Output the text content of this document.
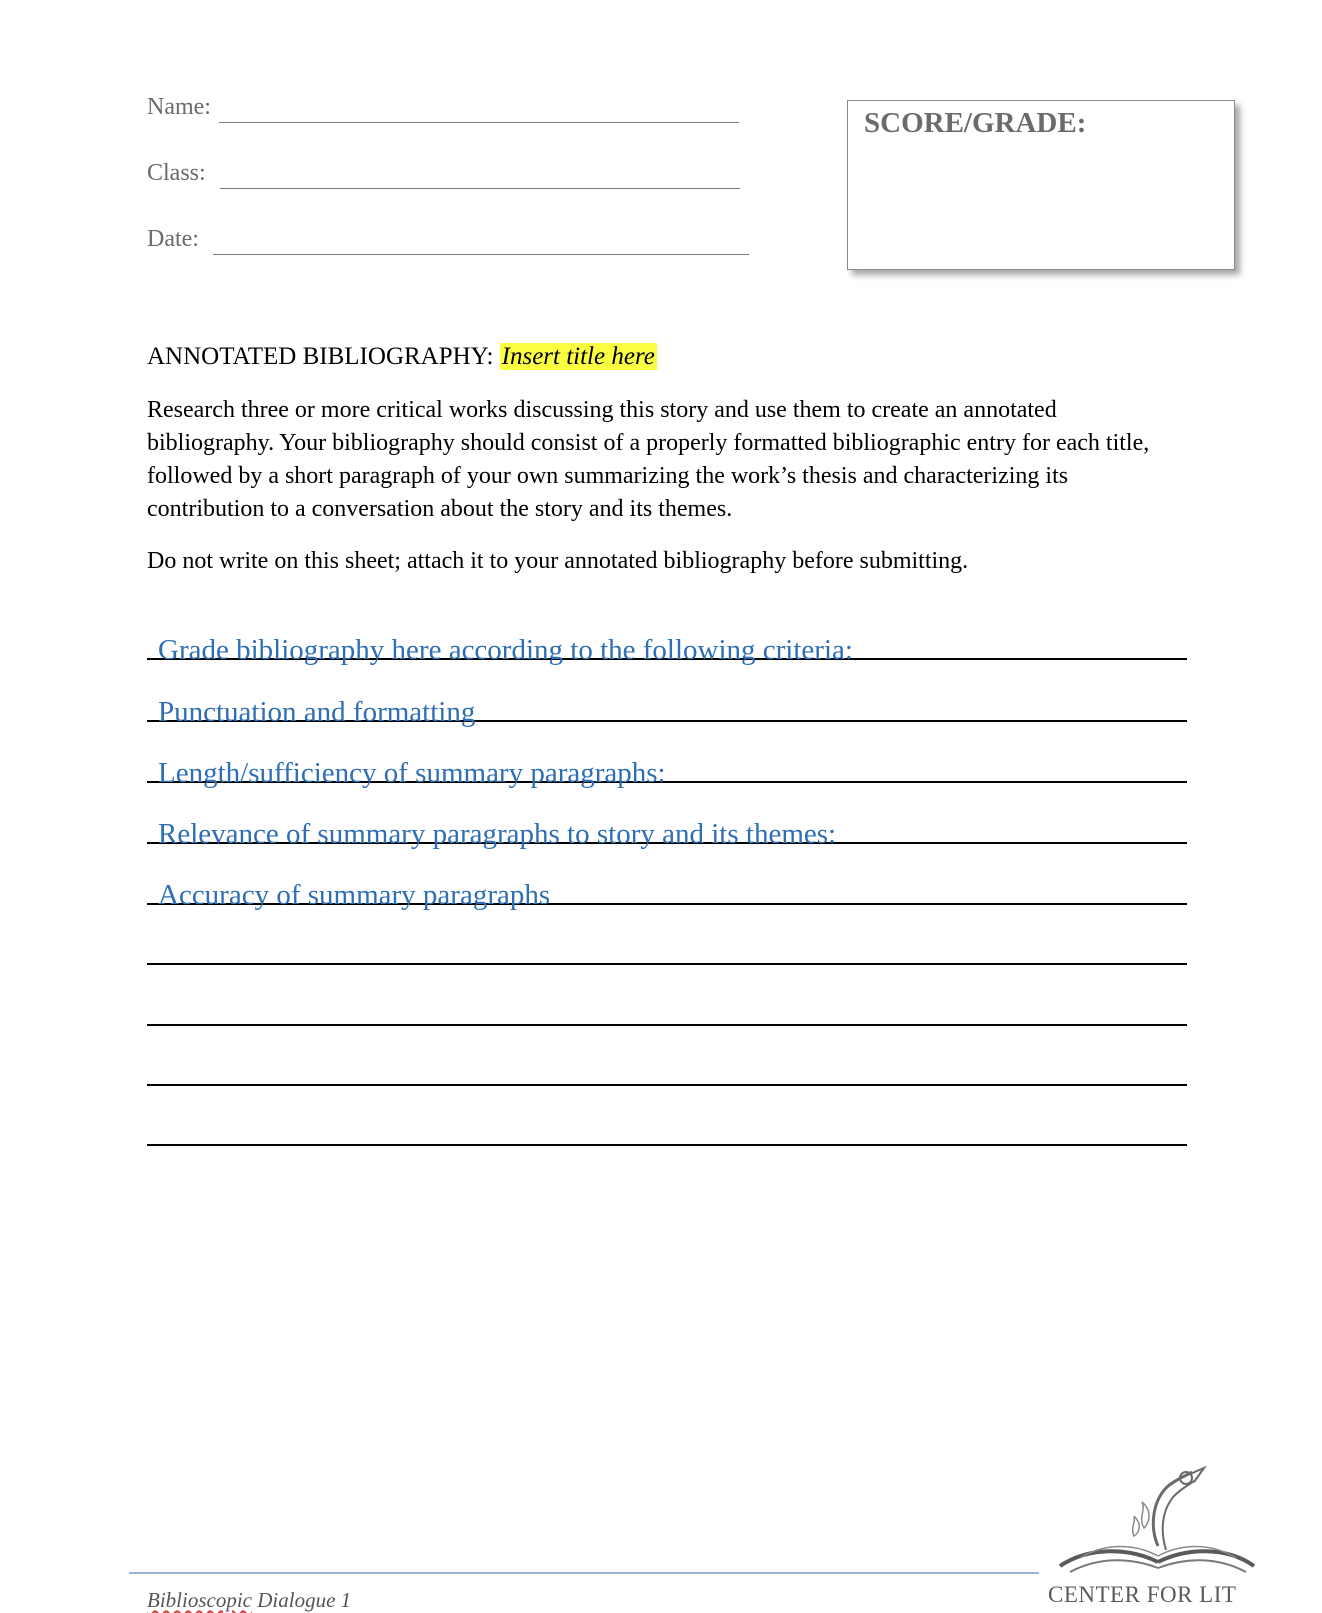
Name:
Class:
Date:
SCORE/GRADE:
ANNOTATED BIBLIOGRAPHY: Insert title here
Research three or more critical works discussing this story and use them to create an annotated bibliography. Your bibliography should consist of a properly formatted bibliographic entry for each title, followed by a short paragraph of your own summarizing the work’s thesis and characterizing its contribution to a conversation about the story and its themes.
Do not write on this sheet; attach it to your annotated bibliography before submitting.
Grade bibliography here according to the following criteria:
Punctuation and formatting
Length/sufficiency of summary paragraphs:
Relevance of summary paragraphs to story and its themes:
Accuracy of summary paragraphs
Biblioscopic Dialogue 1	CENTER FOR LIT
